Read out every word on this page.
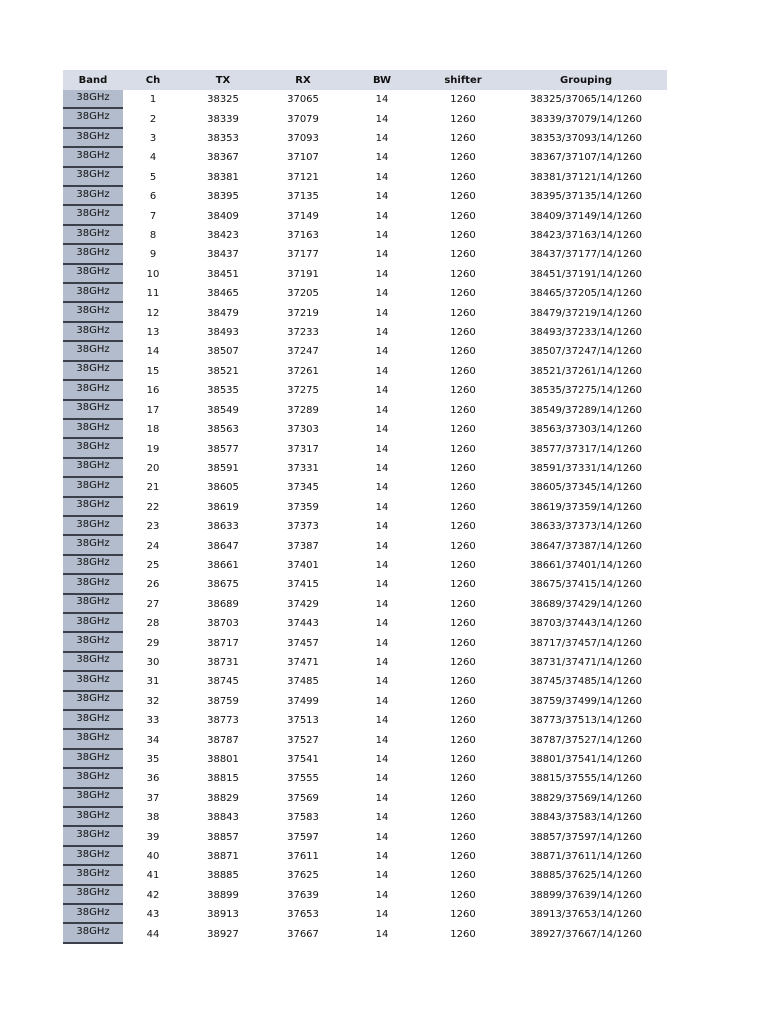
Band	Ch	TX	RX	BW	shifter	Grouping
38GHz	1	38325	37065	14	1260	38325/37065/14/1260
38GHz	2	38339	37079	14	1260	38339/37079/14/1260
38GHz	3	38353	37093	14	1260	38353/37093/14/1260
38GHz	4	38367	37107	14	1260	38367/37107/14/1260
38GHz	5	38381	37121	14	1260	38381/37121/14/1260
38GHz	6	38395	37135	14	1260	38395/37135/14/1260
38GHz	7	38409	37149	14	1260	38409/37149/14/1260
38GHz	8	38423	37163	14	1260	38423/37163/14/1260
38GHz	9	38437	37177	14	1260	38437/37177/14/1260
38GHz	10	38451	37191	14	1260	38451/37191/14/1260
38GHz	11	38465	37205	14	1260	38465/37205/14/1260
38GHz	12	38479	37219	14	1260	38479/37219/14/1260
38GHz	13	38493	37233	14	1260	38493/37233/14/1260
38GHz	14	38507	37247	14	1260	38507/37247/14/1260
38GHz	15	38521	37261	14	1260	38521/37261/14/1260
38GHz	16	38535	37275	14	1260	38535/37275/14/1260
38GHz	17	38549	37289	14	1260	38549/37289/14/1260
38GHz	18	38563	37303	14	1260	38563/37303/14/1260
38GHz	19	38577	37317	14	1260	38577/37317/14/1260
38GHz	20	38591	37331	14	1260	38591/37331/14/1260
38GHz	21	38605	37345	14	1260	38605/37345/14/1260
38GHz	22	38619	37359	14	1260	38619/37359/14/1260
38GHz	23	38633	37373	14	1260	38633/37373/14/1260
38GHz	24	38647	37387	14	1260	38647/37387/14/1260
38GHz	25	38661	37401	14	1260	38661/37401/14/1260
38GHz	26	38675	37415	14	1260	38675/37415/14/1260
38GHz	27	38689	37429	14	1260	38689/37429/14/1260
38GHz	28	38703	37443	14	1260	38703/37443/14/1260
38GHz	29	38717	37457	14	1260	38717/37457/14/1260
38GHz	30	38731	37471	14	1260	38731/37471/14/1260
38GHz	31	38745	37485	14	1260	38745/37485/14/1260
38GHz	32	38759	37499	14	1260	38759/37499/14/1260
38GHz	33	38773	37513	14	1260	38773/37513/14/1260
38GHz	34	38787	37527	14	1260	38787/37527/14/1260
38GHz	35	38801	37541	14	1260	38801/37541/14/1260
38GHz	36	38815	37555	14	1260	38815/37555/14/1260
38GHz	37	38829	37569	14	1260	38829/37569/14/1260
38GHz	38	38843	37583	14	1260	38843/37583/14/1260
38GHz	39	38857	37597	14	1260	38857/37597/14/1260
38GHz	40	38871	37611	14	1260	38871/37611/14/1260
38GHz	41	38885	37625	14	1260	38885/37625/14/1260
38GHz	42	38899	37639	14	1260	38899/37639/14/1260
38GHz	43	38913	37653	14	1260	38913/37653/14/1260
38GHz	44	38927	37667	14	1260	38927/37667/14/1260
